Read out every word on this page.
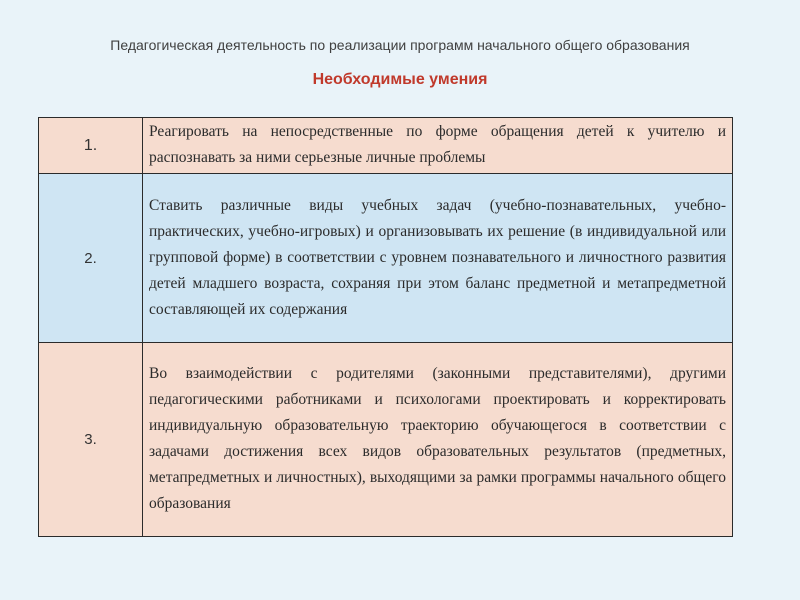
Педагогическая деятельность по реализации программ начального общего образования
Необходимые умения
1.	Реагировать на непосредственные по форме обращения детей к учителю и распознавать за ними серьезные личные проблемы
2.	Ставить различные виды учебных задач (учебно-познавательных, учебно-практических, учебно-игровых) и организовывать их решение (в индивидуальной или групповой форме) в соответствии с уровнем познавательного и личностного развития детей младшего возраста, сохраняя при этом баланс предметной и метапредметной составляющей их содержания
3.	Во взаимодействии с родителями (законными представителями), другими педагогическими работниками и психологами проектировать и корректировать индивидуальную образовательную траекторию обучающегося в соответствии с задачами достижения всех видов образовательных результатов (предметных, метапредметных и личностных), выходящими за рамки программы начального общего образования
